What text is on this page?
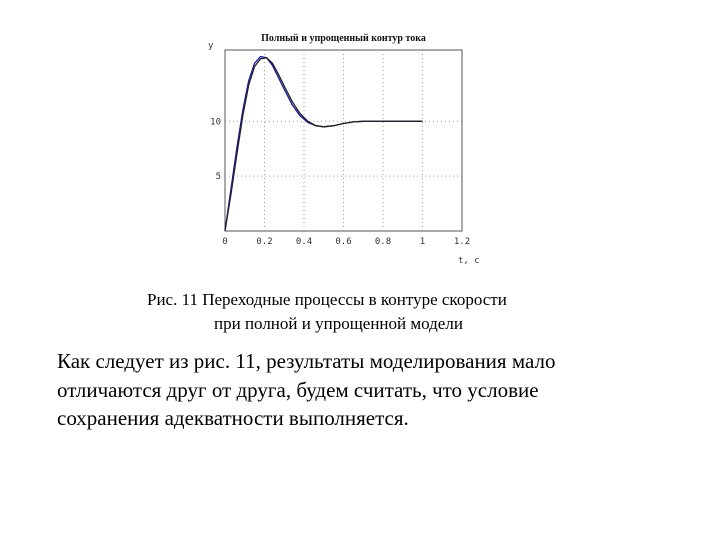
0	0.2	0.4	0.6	0.8	1	1.2
5
10
y
t, c
Полный и упрощенный контур тока
Рис. 11 Переходные процессы в контуре скорости
при полной и упрощенной модели
Как следует из рис. 11, результаты моделирования мало
отличаются друг от друга, будем считать, что условие
сохранения адекватности выполняется.
